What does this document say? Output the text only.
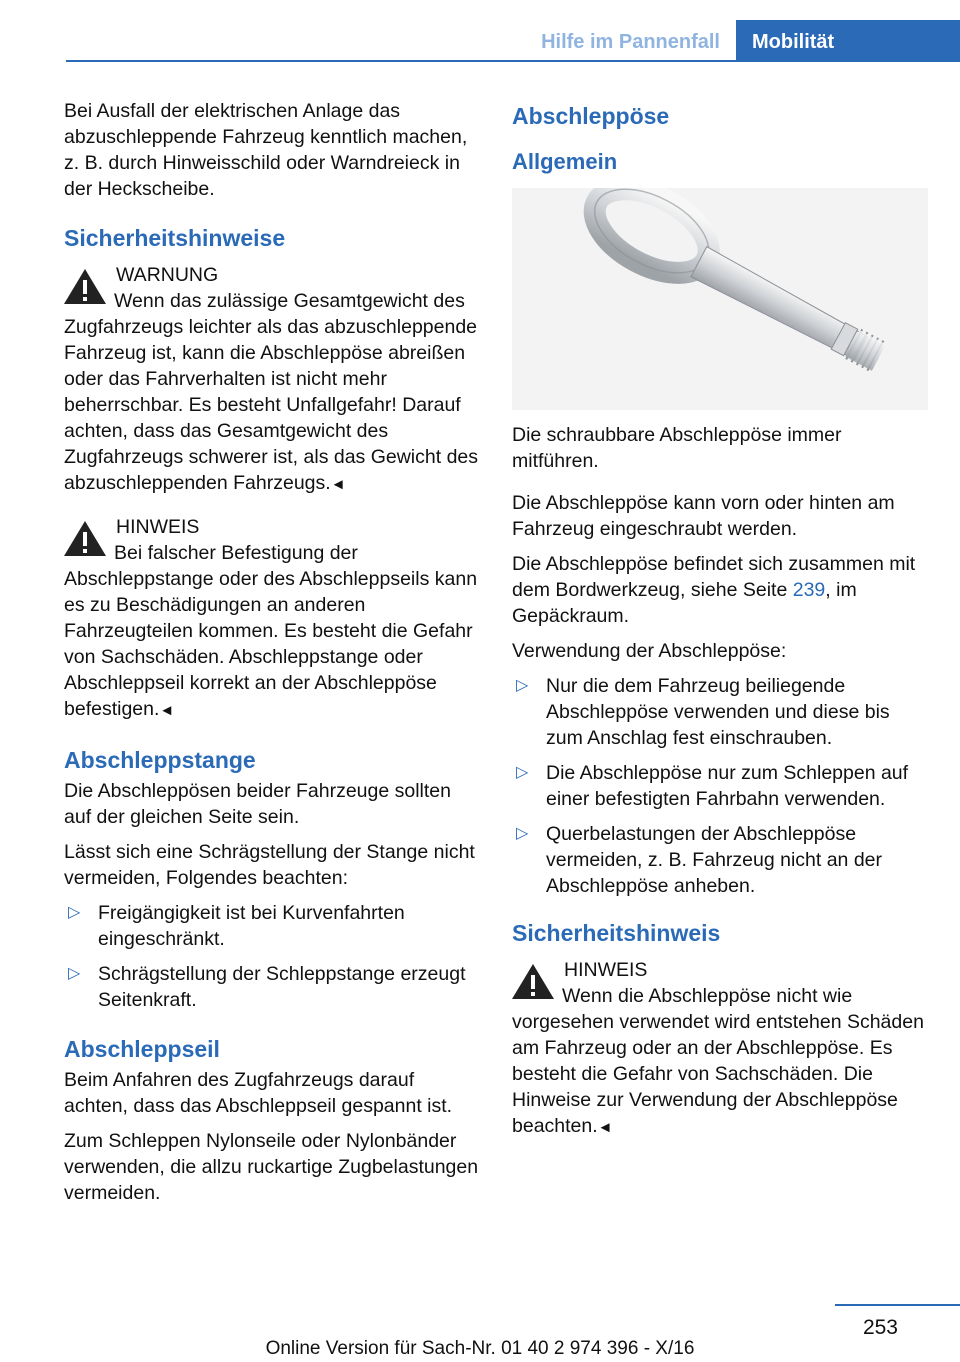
Hilfe im Pannenfall	Mobilität

Bei Ausfall der elektrischen Anlage das abzuschleppende Fahrzeug kenntlich machen, z. B. durch Hinweisschild oder Warndreieck in der Heckscheibe.

Sicherheitshinweise
WARNUNG
Wenn das zulässige Gesamtgewicht des Zugfahrzeugs leichter als das abzuschleppende Fahrzeug ist, kann die Abschleppöse abreißen oder das Fahrverhalten ist nicht mehr beherrschbar. Es besteht Unfallgefahr! Darauf achten, dass das Gesamtgewicht des Zugfahrzeugs schwerer ist, als das Gewicht des abzuschleppenden Fahrzeugs.◄
HINWEIS
Bei falscher Befestigung der Abschleppstange oder des Abschleppseils kann es zu Beschädigungen an anderen Fahrzeugteilen kommen. Es besteht die Gefahr von Sachschäden. Abschleppstange oder Abschleppseil korrekt an der Abschleppöse befestigen.◄
Abschleppstange

Die Abschleppösen beider Fahrzeuge sollten auf der gleichen Seite sein.

Lässt sich eine Schrägstellung der Stange nicht vermeiden, Folgendes beachten:

▷ Freigängigkeit ist bei Kurvenfahrten eingeschränkt.
▷ Schrägstellung der Schleppstange erzeugt Seitenkraft.
Abschleppseil

Beim Anfahren des Zugfahrzeugs darauf achten, dass das Abschleppseil gespannt ist.

Zum Schleppen Nylonseile oder Nylonbänder verwenden, die allzu ruckartige Zugbelastungen vermeiden.

Abschleppöse
Allgemein

Die schraubbare Abschleppöse immer mitführen.

Die Abschleppöse kann vorn oder hinten am Fahrzeug eingeschraubt werden.

Die Abschleppöse befindet sich zusammen mit dem Bordwerkzeug, siehe Seite 239, im Gepäckraum.

Verwendung der Abschleppöse:

▷ Nur die dem Fahrzeug beiliegende Abschleppöse verwenden und diese bis zum Anschlag fest einschrauben.
▷ Die Abschleppöse nur zum Schleppen auf einer befestigten Fahrbahn verwenden.
▷ Querbelastungen der Abschleppöse vermeiden, z. B. Fahrzeug nicht an der Abschleppöse anheben.
Sicherheitshinweis
HINWEIS
Wenn die Abschleppöse nicht wie vorgesehen verwendet wird entstehen Schäden am Fahrzeug oder an der Abschleppöse. Es besteht die Gefahr von Sachschäden. Die Hinweise zur Verwendung der Abschleppöse beachten.◄
253
Online Version für Sach-Nr. 01 40 2 974 396 - X/16
